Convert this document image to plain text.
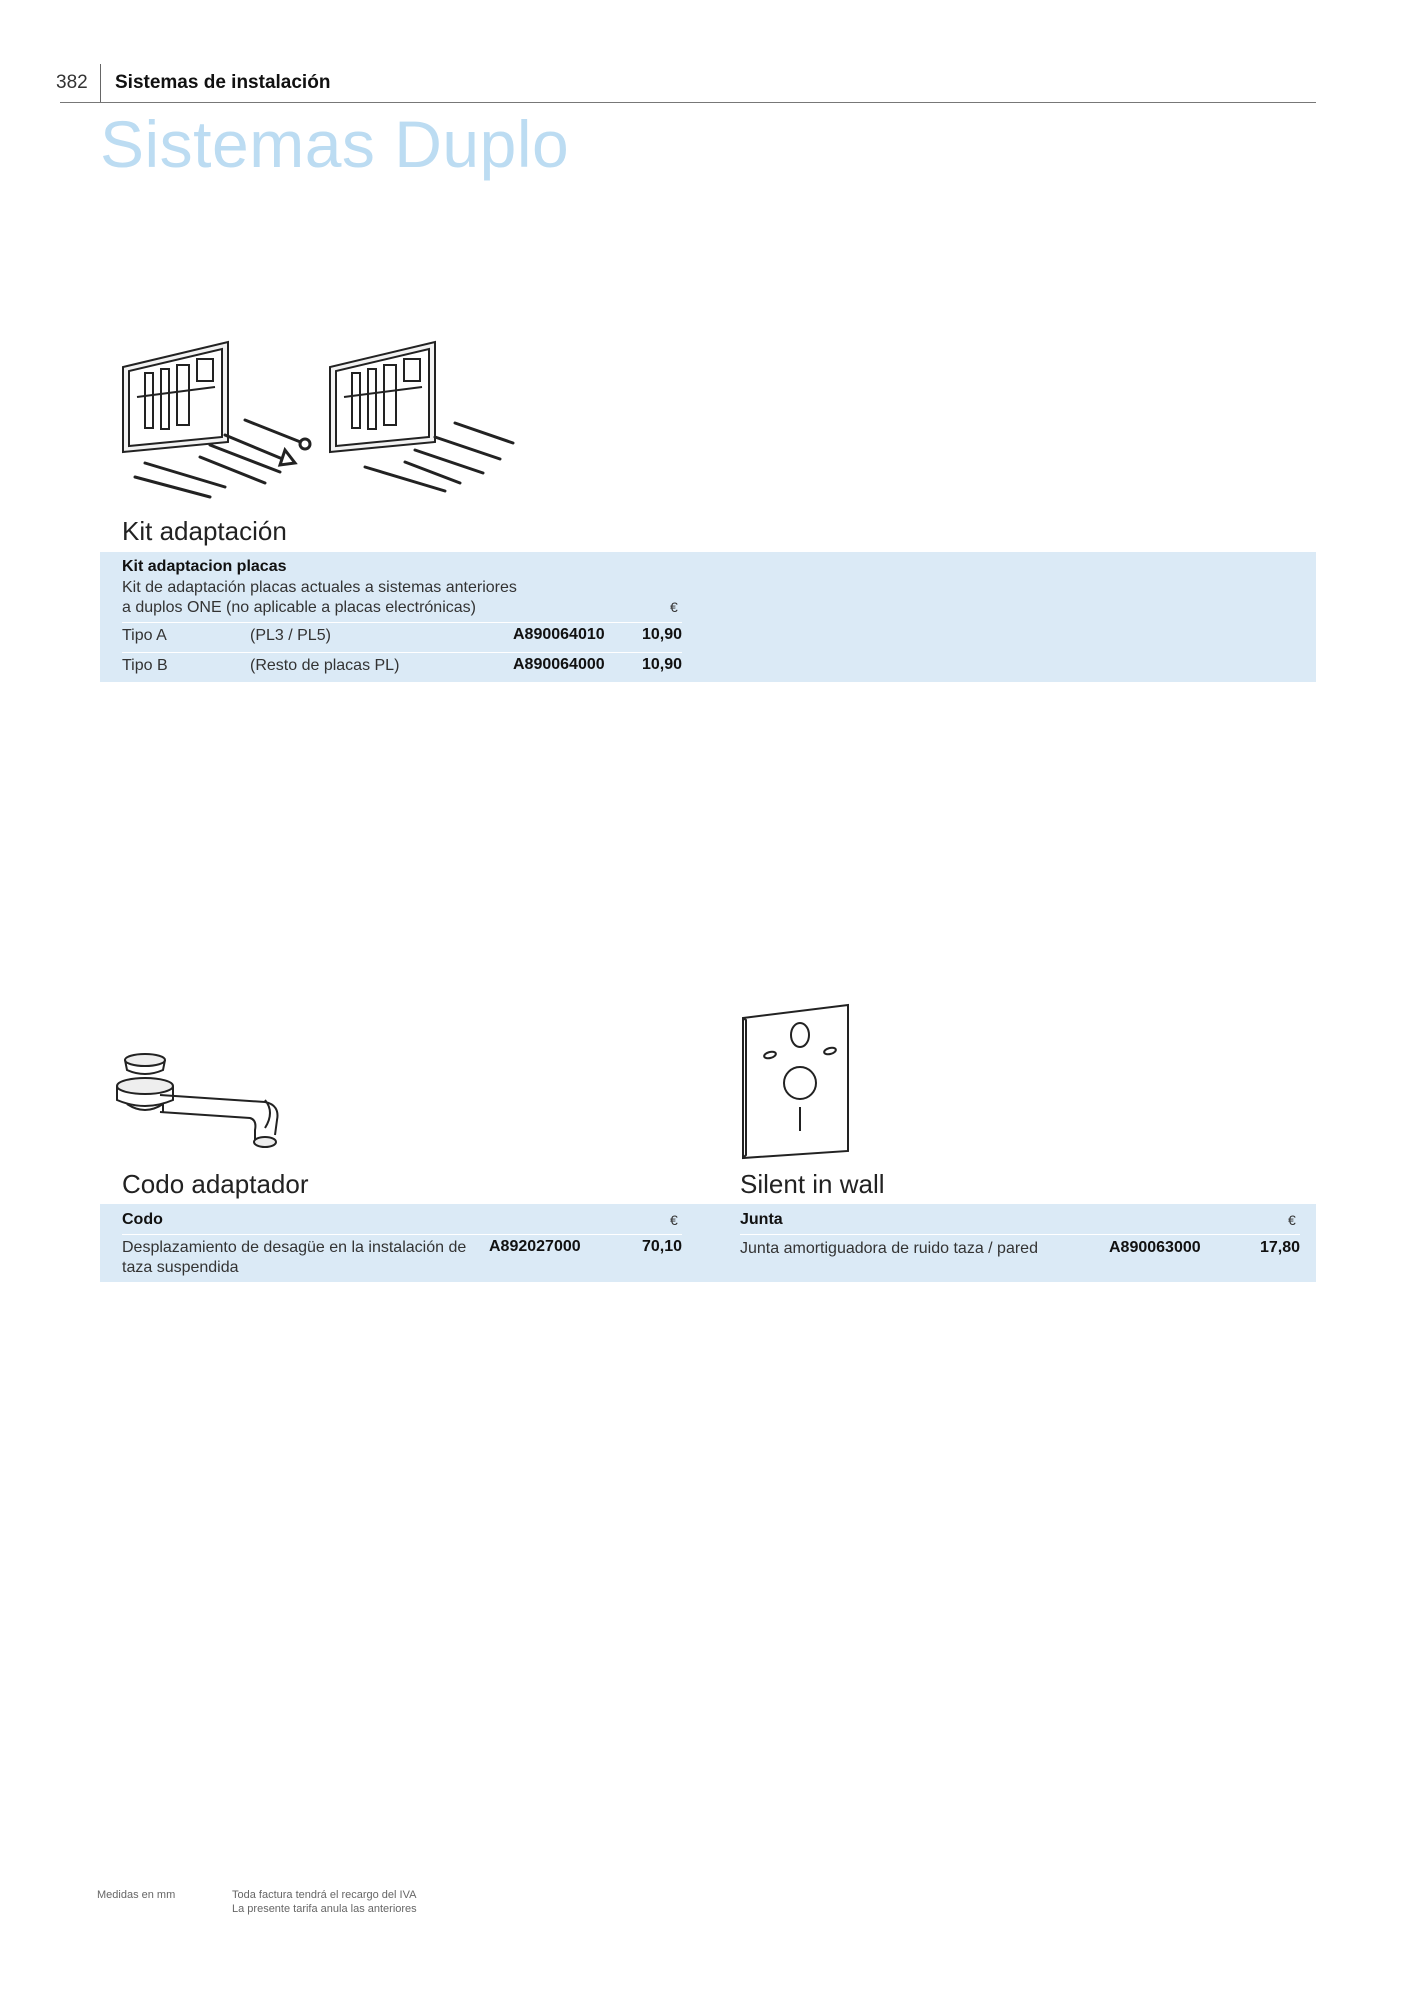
382 Sistemas de instalación
Sistemas Duplo
Kit adaptación
Kit adaptacion placas
Kit de adaptación placas actuales a sistemas anteriores
a duplos ONE (no aplicable a placas electrónicas)	€
Tipo A	(PL3 / PL5)	A890064010	10,90
Tipo B	(Resto de placas PL)	A890064000	10,90
Codo adaptador	Silent in wall
Codo	€
Desplazamiento de desagüe en la instalación de
taza suspendida
A892027000	70,10
Junta	€
Junta amortiguadora de ruido taza / pared	A890063000	17,80
Medidas en mm	Toda factura tendrá el recargo del IVA
La presente tarifa anula las anteriores
